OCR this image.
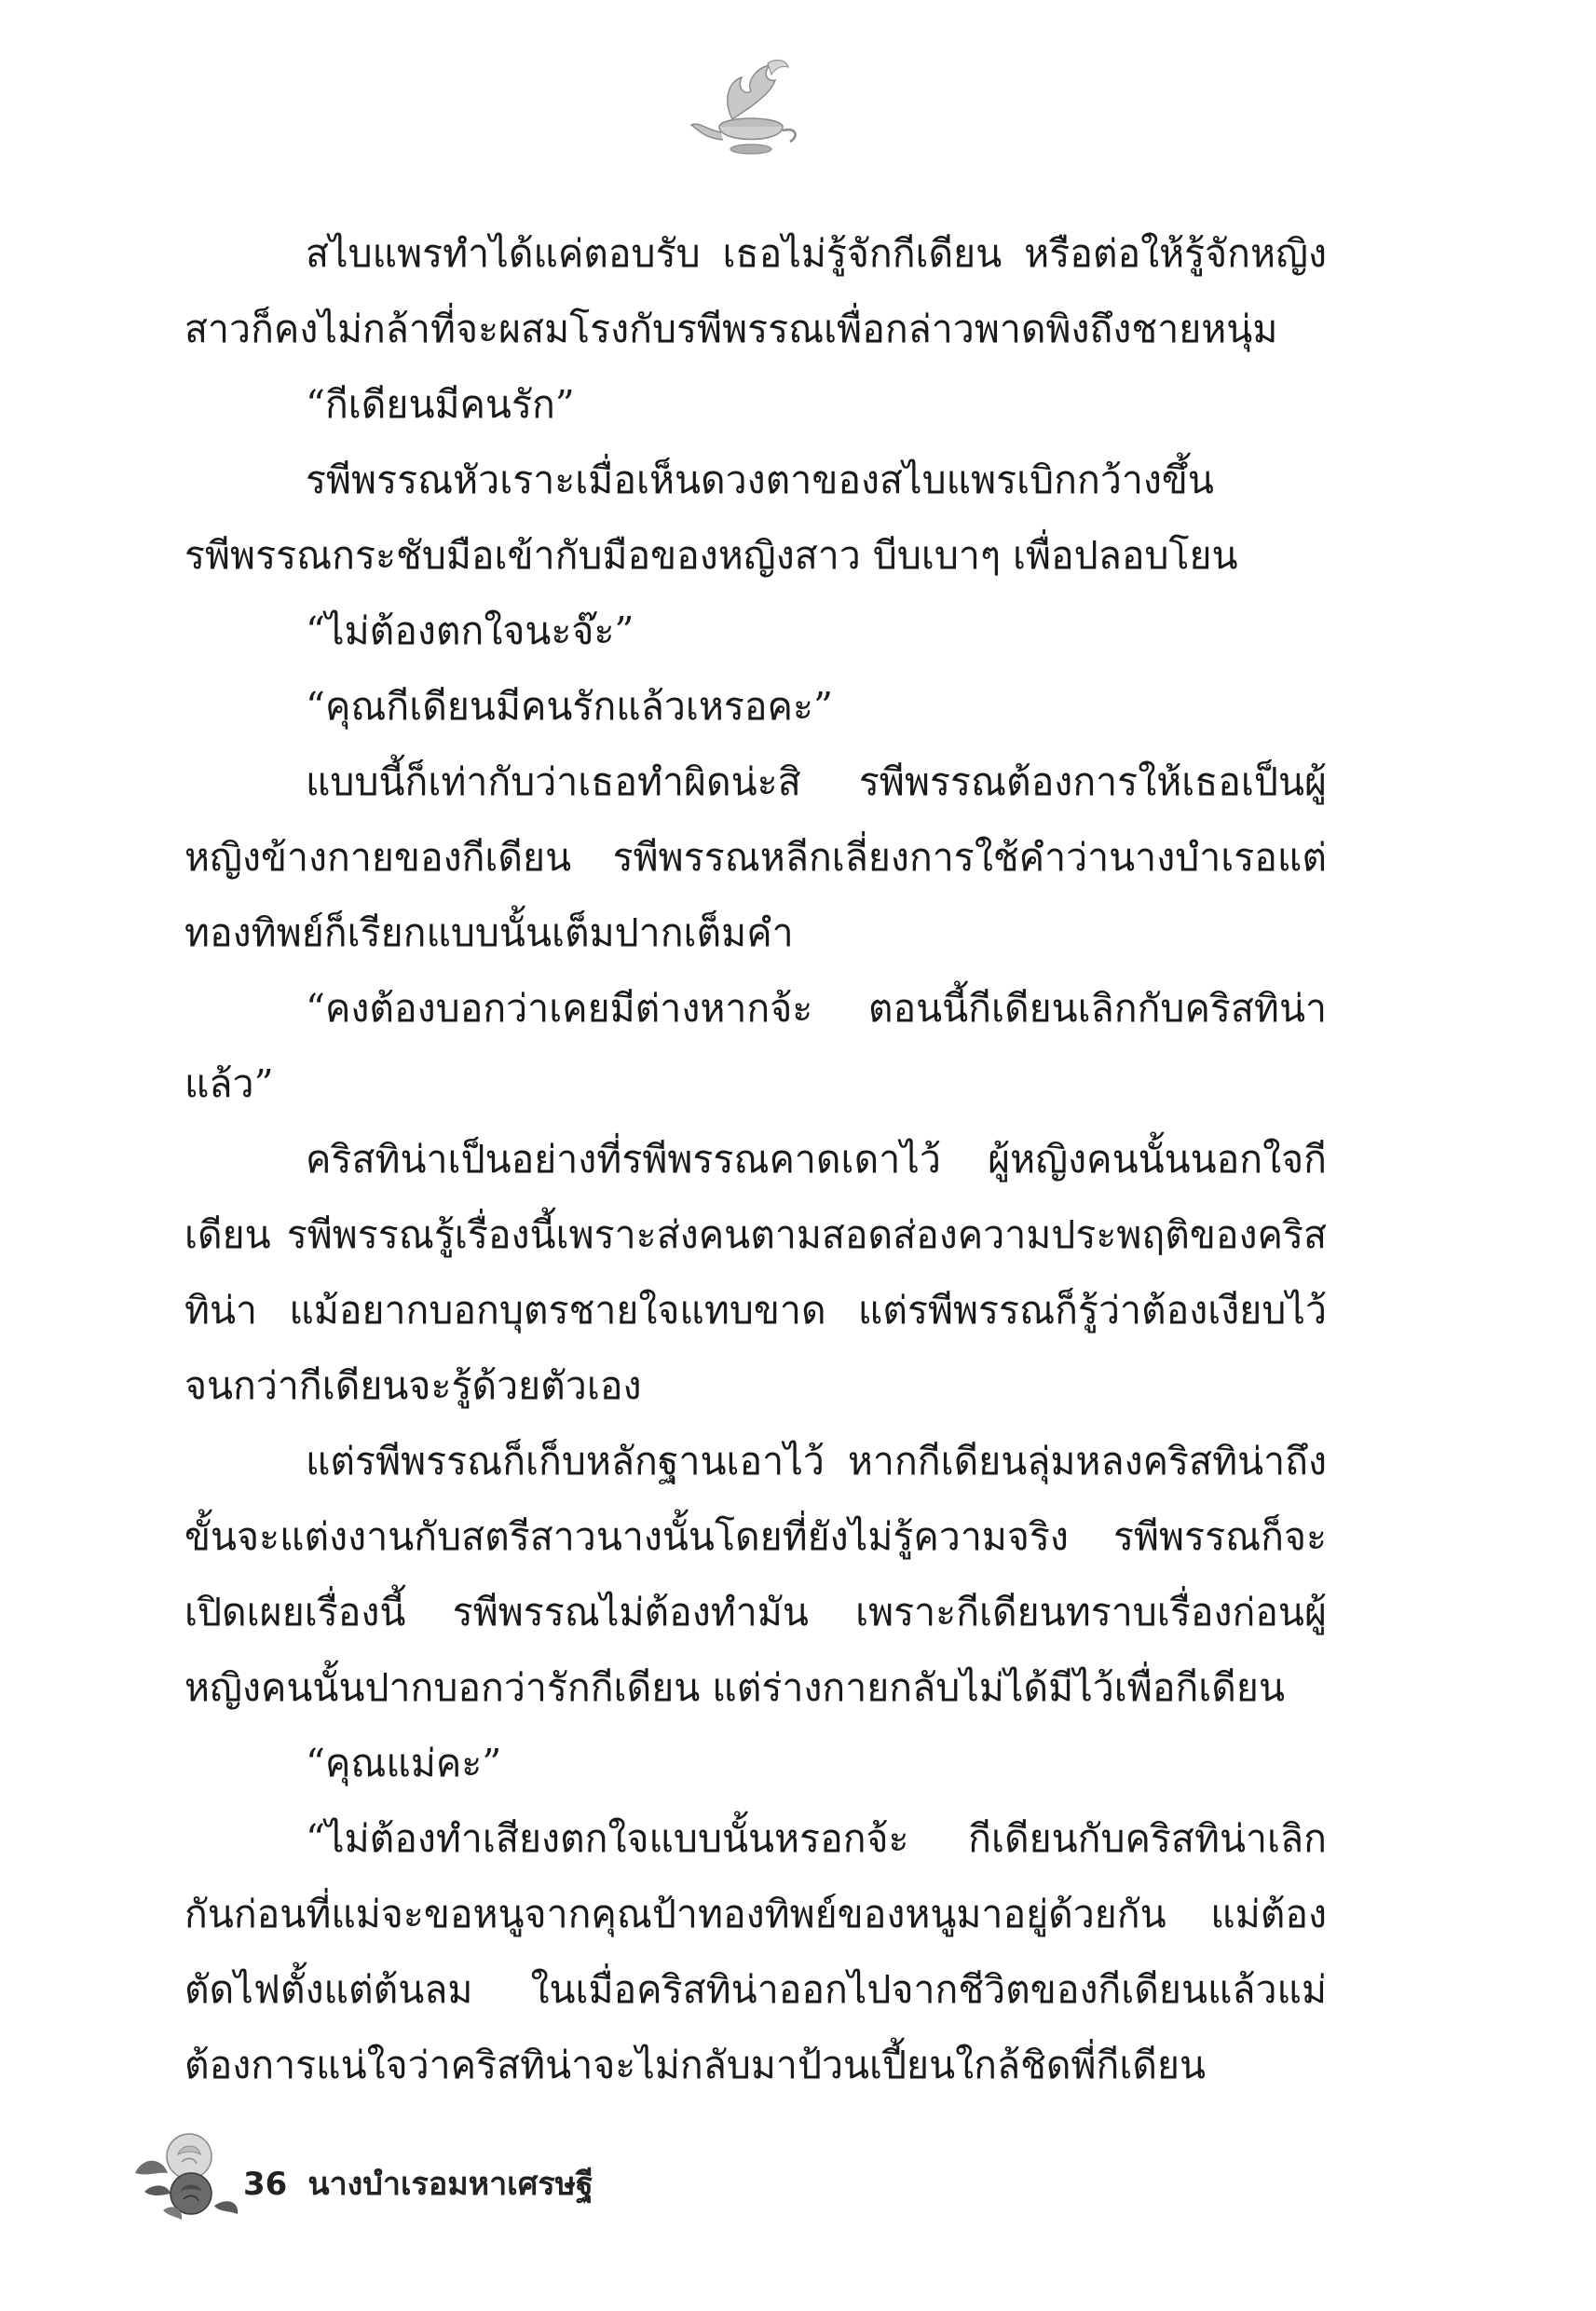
สไบแพรทำได้แค่ตอบรับ เธอไม่รู้จักกีเดียน หรือต่อให้รู้จักหญิงสาวก็คงไม่กล้าที่จะผสมโรงกับรพีพรรณเพื่อกล่าวพาดพิงถึงชายหนุ่ม

“กีเดียนมีคนรัก”

รพีพรรณหัวเราะเมื่อเห็นดวงตาของสไบแพรเบิกกว้างขึ้น

รพีพรรณกระชับมือเข้ากับมือของหญิงสาว บีบเบาๆ เพื่อปลอบโยน

“ไม่ต้องตกใจนะจ๊ะ”

“คุณกีเดียนมีคนรักแล้วเหรอคะ”

แบบนี้ก็เท่ากับว่าเธอทำผิดน่ะสิ รพีพรรณต้องการให้เธอเป็นผู้หญิงข้างกายของกีเดียน รพีพรรณหลีกเลี่ยงการใช้คำว่านางบำเรอแต่ทองทิพย์ก็เรียกแบบนั้นเต็มปากเต็มคำ

“คงต้องบอกว่าเคยมีต่างหากจ้ะ ตอนนี้กีเดียนเลิกกับคริสทิน่าแล้ว”

คริสทิน่าเป็นอย่างที่รพีพรรณคาดเดาไว้ ผู้หญิงคนนั้นนอกใจกีเดียน รพีพรรณรู้เรื่องนี้เพราะส่งคนตามสอดส่องความประพฤติของคริสทิน่า แม้อยากบอกบุตรชายใจแทบขาด แต่รพีพรรณก็รู้ว่าต้องเงียบไว้จนกว่ากีเดียนจะรู้ด้วยตัวเอง

แต่รพีพรรณก็เก็บหลักฐานเอาไว้ หากกีเดียนลุ่มหลงคริสทิน่าถึงขั้นจะแต่งงานกับสตรีสาวนางนั้นโดยที่ยังไม่รู้ความจริง รพีพรรณก็จะเปิดเผยเรื่องนี้ รพีพรรณไม่ต้องทำมัน เพราะกีเดียนทราบเรื่องก่อนผู้หญิงคนนั้นปากบอกว่ารักกีเดียน แต่ร่างกายกลับไม่ได้มีไว้เพื่อกีเดียน

“คุณแม่คะ”

“ไม่ต้องทำเสียงตกใจแบบนั้นหรอกจ้ะ กีเดียนกับคริสทิน่าเลิกกันก่อนที่แม่จะขอหนูจากคุณป้าทองทิพย์ของหนูมาอยู่ด้วยกัน แม่ต้องตัดไฟตั้งแต่ต้นลม ในเมื่อคริสทิน่าออกไปจากชีวิตของกีเดียนแล้วแม่ต้องการแน่ใจว่าคริสทิน่าจะไม่กลับมาป้วนเปี้ยนใกล้ชิดพี่กีเดียน

36 นางบำเรอมหาเศรษฐี
